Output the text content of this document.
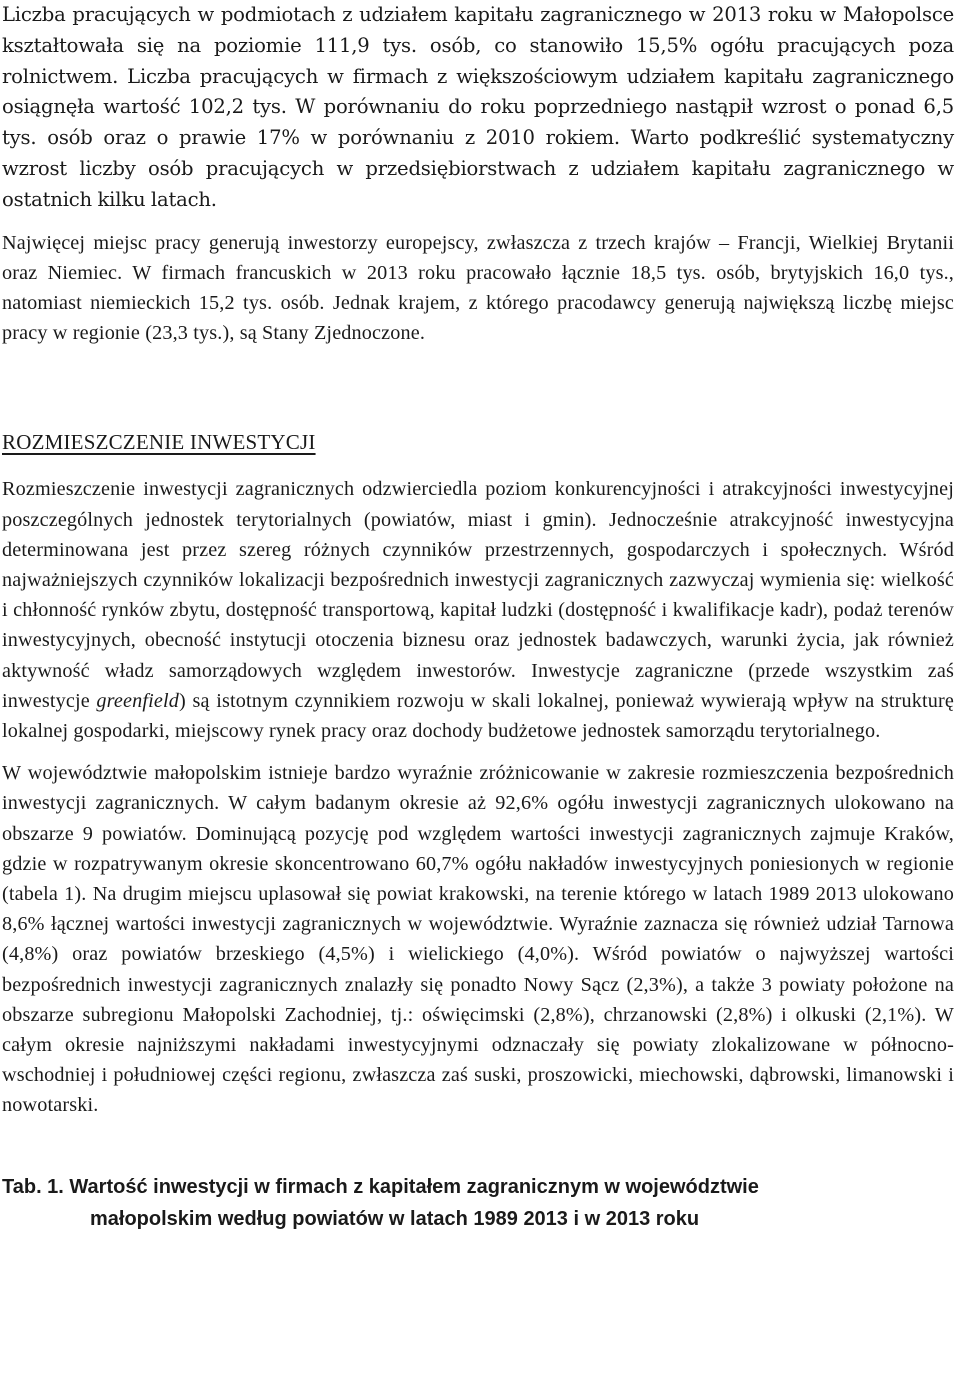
Liczba pracujących w podmiotach z udziałem kapitału zagranicznego w 2013 roku w Małopolsce kształtowała się na poziomie 111,9 tys. osób, co stanowiło 15,5% ogółu pracujących poza rolnictwem. Liczba pracujących w firmach z większościowym udziałem kapitału zagranicznego osiągnęła wartość 102,2 tys. W porównaniu do roku poprzedniego nastąpił wzrost o ponad 6,5 tys. osób oraz o prawie 17% w porównaniu z 2010 rokiem. Warto podkreślić systematyczny wzrost liczby osób pracujących w przedsiębiorstwach z udziałem kapitału zagranicznego w ostatnich kilku latach.

Najwięcej miejsc pracy generują inwestorzy europejscy, zwłaszcza z trzech krajów – Francji, Wielkiej Brytanii oraz Niemiec. W firmach francuskich w 2013 roku pracowało łącznie 18,5 tys. osób, brytyjskich 16,0 tys., natomiast niemieckich 15,2 tys. osób. Jednak krajem, z którego pracodawcy generują największą liczbę miejsc pracy w regionie (23,3 tys.), są Stany Zjednoczone.

ROZMIESZCZENIE INWESTYCJI

Rozmieszczenie inwestycji zagranicznych odzwierciedla poziom konkurencyjności i atrakcyjności inwestycyjnej poszczególnych jednostek terytorialnych (powiatów, miast i gmin). Jednocześnie atrakcyjność inwestycyjna determinowana jest przez szereg różnych czynników przestrzennych, gospodarczych i społecznych. Wśród najważniejszych czynników lokalizacji bezpośrednich inwestycji zagranicznych zazwyczaj wymienia się: wielkość i chłonność rynków zbytu, dostępność transportową, kapitał ludzki (dostępność i kwalifikacje kadr), podaż terenów inwestycyjnych, obecność instytucji otoczenia biznesu oraz jednostek badawczych, warunki życia, jak również aktywność władz samorządowych względem inwestorów. Inwestycje zagraniczne (przede wszystkim zaś inwestycje greenfield) są istotnym czynnikiem rozwoju w skali lokalnej, ponieważ wywierają wpływ na strukturę lokalnej gospodarki, miejscowy rynek pracy oraz dochody budżetowe jednostek samorządu terytorialnego.

W województwie małopolskim istnieje bardzo wyraźnie zróżnicowanie w zakresie rozmieszczenia bezpośrednich inwestycji zagranicznych. W całym badanym okresie aż 92,6% ogółu inwestycji zagranicznych ulokowano na obszarze 9 powiatów. Dominującą pozycję pod względem wartości inwestycji zagranicznych zajmuje Kraków, gdzie w rozpatrywanym okresie skoncentrowano 60,7% ogółu nakładów inwestycyjnych poniesionych w regionie (tabela 1). Na drugim miejscu uplasował się powiat krakowski, na terenie którego w latach 1989 2013 ulokowano 8,6% łącznej wartości inwestycji zagranicznych w województwie. Wyraźnie zaznacza się również udział Tarnowa (4,8%) oraz powiatów brzeskiego (4,5%) i wielickiego (4,0%). Wśród powiatów o najwyższej wartości bezpośrednich inwestycji zagranicznych znalazły się ponadto Nowy Sącz (2,3%), a także 3 powiaty położone na obszarze subregionu Małopolski Zachodniej, tj.: oświęcimski (2,8%), chrzanowski (2,8%) i olkuski (2,1%). W całym okresie najniższymi nakładami inwestycyjnymi odznaczały się powiaty zlokalizowane w północno-wschodniej i południowej części regionu, zwłaszcza zaś suski, proszowicki, miechowski, dąbrowski, limanowski i nowotarski.

Tab. 1. Wartość inwestycji w firmach z kapitałem zagranicznym w województwie
małopolskim według powiatów w latach 1989 2013 i w 2013 roku
